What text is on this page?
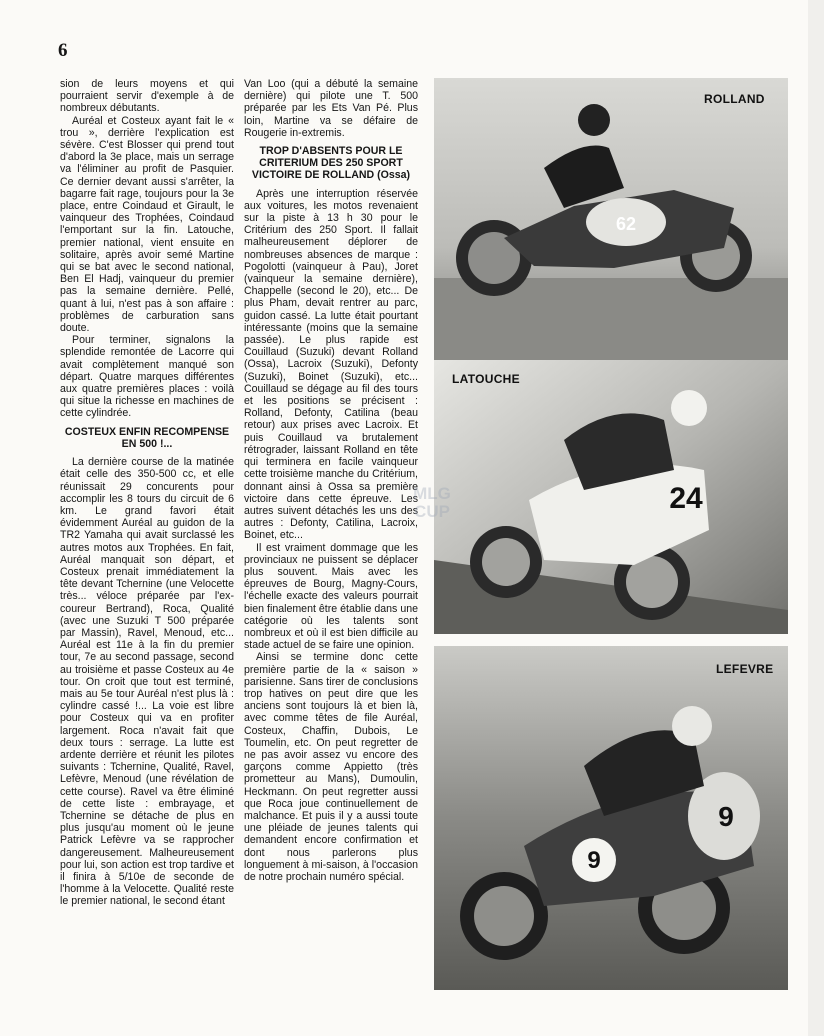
6

sion de leurs moyens et qui pourraient servir d'exemple à de nombreux débutants.

Auréal et Costeux ayant fait le « trou », derrière l'explication est sévère. C'est Blosser qui prend tout d'abord la 3e place, mais un serrage va l'éliminer au profit de Pasquier. Ce dernier devant aussi s'arrêter, la bagarre fait rage, toujours pour la 3e place, entre Coindaud et Girault, le vainqueur des Trophées, Coindaud l'emportant sur la fin. Latouche, premier national, vient ensuite en solitaire, après avoir semé Martine qui se bat avec le second national, Ben El Hadj, vainqueur du premier pas la semaine dernière. Pellé, quant à lui, n'est pas à son affaire : problèmes de carburation sans doute.

Pour terminer, signalons la splendide remontée de Lacorre qui avait complètement manqué son départ. Quatre marques différentes aux quatre premières places : voilà qui situe la richesse en machines de cette cylindrée.

COSTEUX ENFIN RECOMPENSE EN 500 !...

La dernière course de la matinée était celle des 350-500 cc, et elle réunissait 29 concurents pour accomplir les 8 tours du circuit de 6 km. Le grand favori était évidemment Auréal au guidon de la TR2 Yamaha qui avait surclassé les autres motos aux Trophées. En fait, Auréal manquait son départ, et Costeux prenait immédiatement la tête devant Tchernine (une Velocette très... véloce préparée par l'ex-coureur Bertrand), Roca, Qualité (avec une Suzuki T 500 préparée par Massin), Ravel, Menoud, etc... Auréal est 11e à la fin du premier tour, 7e au second passage, second au troisième et passe Costeux au 4e tour. On croit que tout est terminé, mais au 5e tour Auréal n'est plus là : cylindre cassé !... La voie est libre pour Costeux qui va en profiter largement. Roca n'avait fait que deux tours : serrage. La lutte est ardente derrière et réunit les pilotes suivants : Tchernine, Qualité, Ravel, Lefèvre, Menoud (une révélation de cette course). Ravel va être éliminé de cette liste : embrayage, et Tchernine se détache de plus en plus jusqu'au moment où le jeune Patrick Lefèvre va se rapprocher dangereusement. Malheureusement pour lui, son action est trop tardive et il finira à 5/10e de seconde de l'homme à la Velocette. Qualité reste le premier national, le second étant

Van Loo (qui a débuté la semaine dernière) qui pilote une T. 500 préparée par les Ets Van Pé. Plus loin, Martine va se défaire de Rougerie in-extremis.

TROP D'ABSENTS POUR LE CRITERIUM DES 250 SPORT VICTOIRE DE ROLLAND (Ossa)

Après une interruption réservée aux voitures, les motos revenaient sur la piste à 13 h 30 pour le Critérium des 250 Sport. Il fallait malheureusement déplorer de nombreuses absences de marque : Pogolotti (vainqueur à Pau), Joret (vainqueur la semaine dernière), Chappelle (second le 20), etc... De plus Pham, devait rentrer au parc, guidon cassé. La lutte était pourtant intéressante (moins que la semaine passée). Le plus rapide est Couillaud (Suzuki) devant Rolland (Ossa), Lacroix (Suzuki), Defonty (Suzuki), Boinet (Suzuki), etc... Couillaud se dégage au fil des tours et les positions se précisent : Rolland, Defonty, Catilina (beau retour) aux prises avec Lacroix. Et puis Couillaud va brutalement rétrograder, laissant Rolland en tête qui terminera en facile vainqueur cette troisième manche du Critérium, donnant ainsi à Ossa sa première victoire dans cette épreuve. Les autres suivent détachés les uns des autres : Defonty, Catilina, Lacroix, Boinet, etc...

Il est vraiment dommage que les provinciaux ne puissent se déplacer plus souvent. Mais avec les épreuves de Bourg, Magny-Cours, l'échelle exacte des valeurs pourrait bien finalement être établie dans une catégorie où les talents sont nombreux et où il est bien difficile au stade actuel de se faire une opinion.

Ainsi se termine donc cette première partie de la « saison » parisienne. Sans tirer de conclusions trop hatives on peut dire que les anciens sont toujours là et bien là, avec comme têtes de file Auréal, Costeux, Chaffin, Dubois, Le Toumelin, etc. On peut regretter de ne pas avoir assez vu encore des garçons comme Appietto (très prometteur au Mans), Dumoulin, Heckmann. On peut regretter aussi que Roca joue continuellement de malchance. Et puis il y a aussi toute une pléiade de jeunes talents qui demandent encore confirmation et dont nous parlerons plus longuement à mi-saison, à l'occasion de notre prochain numéro spécial.

62
ROLLAND
24
LATOUCHE
9
9
LEFEVRE
MLG CUP
